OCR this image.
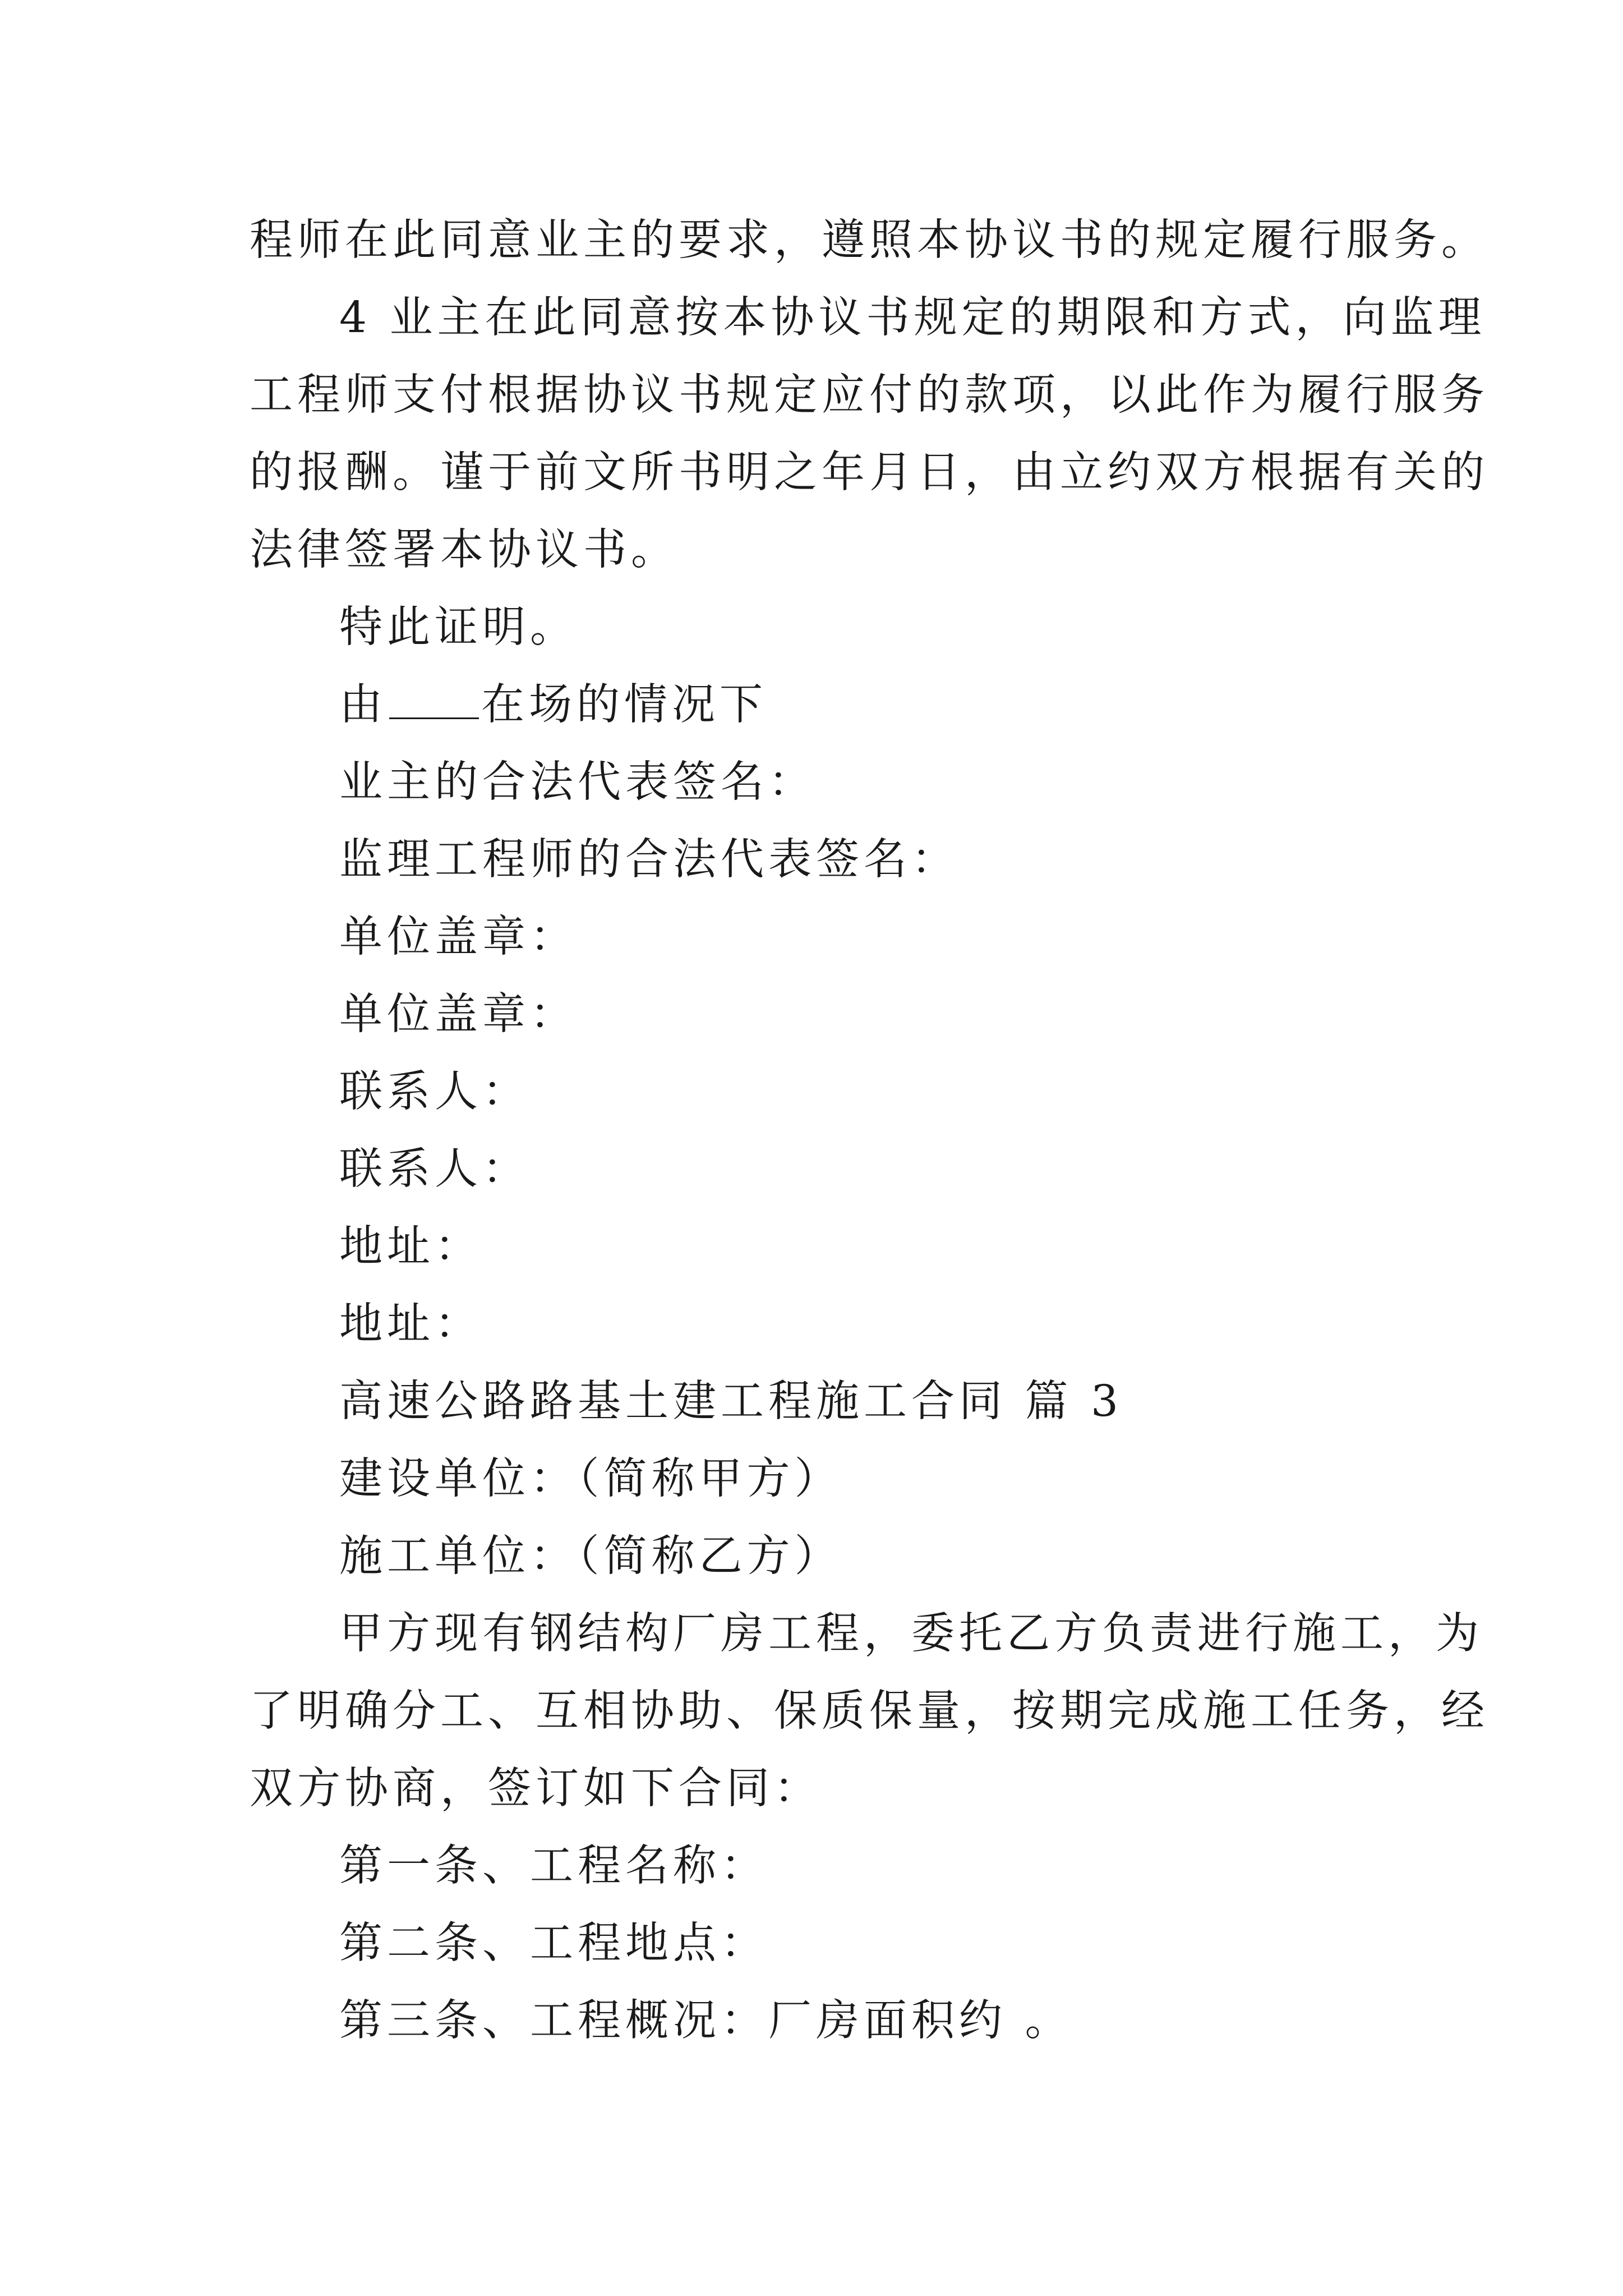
程师在此同意业主的要求，遵照本协议书的规定履行服务。
4 业主在此同意按本协议书规定的期限和方式，向监理
工程师支付根据协议书规定应付的款项，以此作为履行服务
的报酬。谨于前文所书明之年月日，由立约双方根据有关的
法律签署本协议书。
特此证明。
由 在场的情况下
业主的合法代表签名：
监理工程师的合法代表签名：
单位盖章：
单位盖章：
联系人：
联系人：
地址：
地址：
高速公路路基土建工程施工合同 篇 3
建设单位：（简称甲方）
施工单位：（简称乙方）
甲方现有钢结构厂房工程，委托乙方负责进行施工，为
了明确分工、互相协助、保质保量，按期完成施工任务，经
双方协商，签订如下合同：
第一条、工程名称：
第二条、工程地点：
第三条、工程概况：厂房面积约 。
